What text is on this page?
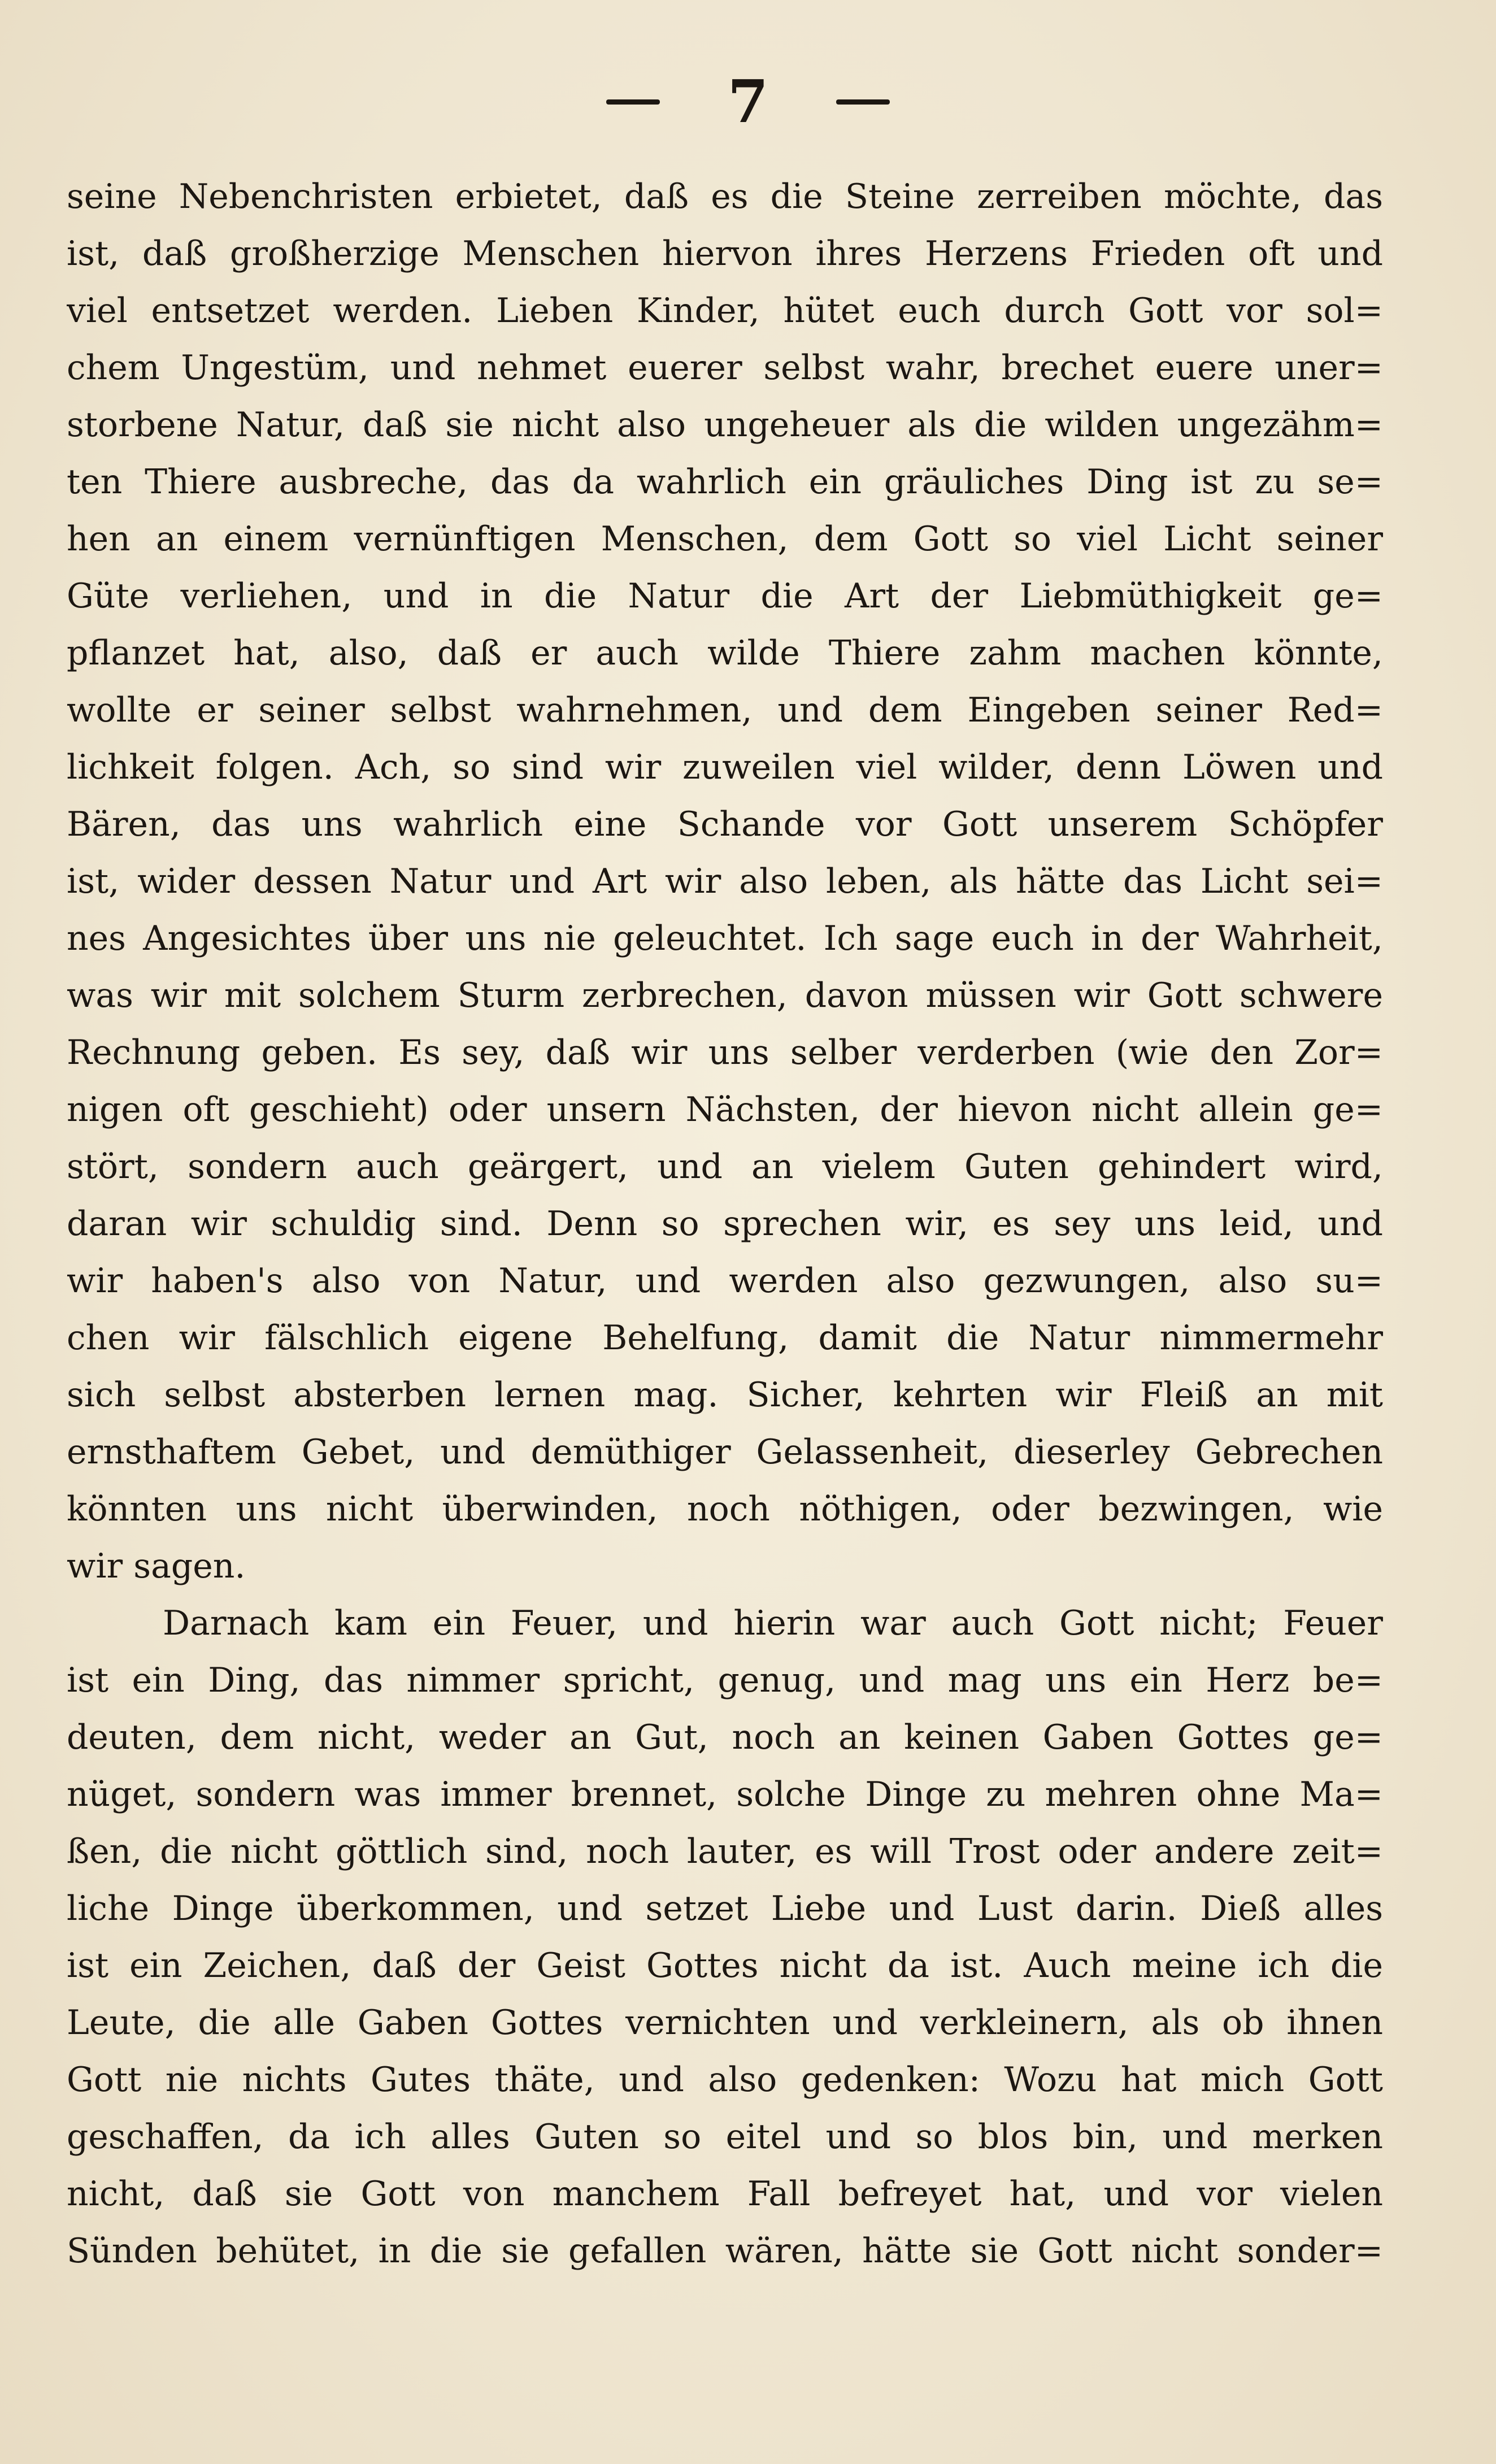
7
seine Nebenchristen erbietet, daß es die Steine zerreiben möchte, das
ist, daß großherzige Menschen hiervon ihres Herzens Frieden oft und
viel entsetzet werden. Lieben Kinder, hütet euch durch Gott vor sol=
chem Ungestüm, und nehmet euerer selbst wahr, brechet euere uner=
storbene Natur, daß sie nicht also ungeheuer als die wilden ungezähm=
ten Thiere ausbreche, das da wahrlich ein gräuliches Ding ist zu se=
hen an einem vernünftigen Menschen, dem Gott so viel Licht seiner
Güte verliehen, und in die Natur die Art der Liebmüthigkeit ge=
pflanzet hat, also, daß er auch wilde Thiere zahm machen könnte,
wollte er seiner selbst wahrnehmen, und dem Eingeben seiner Red=
lichkeit folgen. Ach, so sind wir zuweilen viel wilder, denn Löwen und
Bären, das uns wahrlich eine Schande vor Gott unserem Schöpfer
ist, wider dessen Natur und Art wir also leben, als hätte das Licht sei=
nes Angesichtes über uns nie geleuchtet. Ich sage euch in der Wahrheit,
was wir mit solchem Sturm zerbrechen, davon müssen wir Gott schwere
Rechnung geben. Es sey, daß wir uns selber verderben (wie den Zor=
nigen oft geschieht) oder unsern Nächsten, der hievon nicht allein ge=
stört, sondern auch geärgert, und an vielem Guten gehindert wird,
daran wir schuldig sind. Denn so sprechen wir, es sey uns leid, und
wir haben's also von Natur, und werden also gezwungen, also su=
chen wir fälschlich eigene Behelfung, damit die Natur nimmermehr
sich selbst absterben lernen mag. Sicher, kehrten wir Fleiß an mit
ernsthaftem Gebet, und demüthiger Gelassenheit, dieserley Gebrechen
könnten uns nicht überwinden, noch nöthigen, oder bezwingen, wie
wir sagen.
Darnach kam ein Feuer, und hierin war auch Gott nicht; Feuer
ist ein Ding, das nimmer spricht, genug, und mag uns ein Herz be=
deuten, dem nicht, weder an Gut, noch an keinen Gaben Gottes ge=
nüget, sondern was immer brennet, solche Dinge zu mehren ohne Ma=
ßen, die nicht göttlich sind, noch lauter, es will Trost oder andere zeit=
liche Dinge überkommen, und setzet Liebe und Lust darin. Dieß alles
ist ein Zeichen, daß der Geist Gottes nicht da ist. Auch meine ich die
Leute, die alle Gaben Gottes vernichten und verkleinern, als ob ihnen
Gott nie nichts Gutes thäte, und also gedenken: Wozu hat mich Gott
geschaffen, da ich alles Guten so eitel und so blos bin, und merken
nicht, daß sie Gott von manchem Fall befreyet hat, und vor vielen
Sünden behütet, in die sie gefallen wären, hätte sie Gott nicht sonder=
